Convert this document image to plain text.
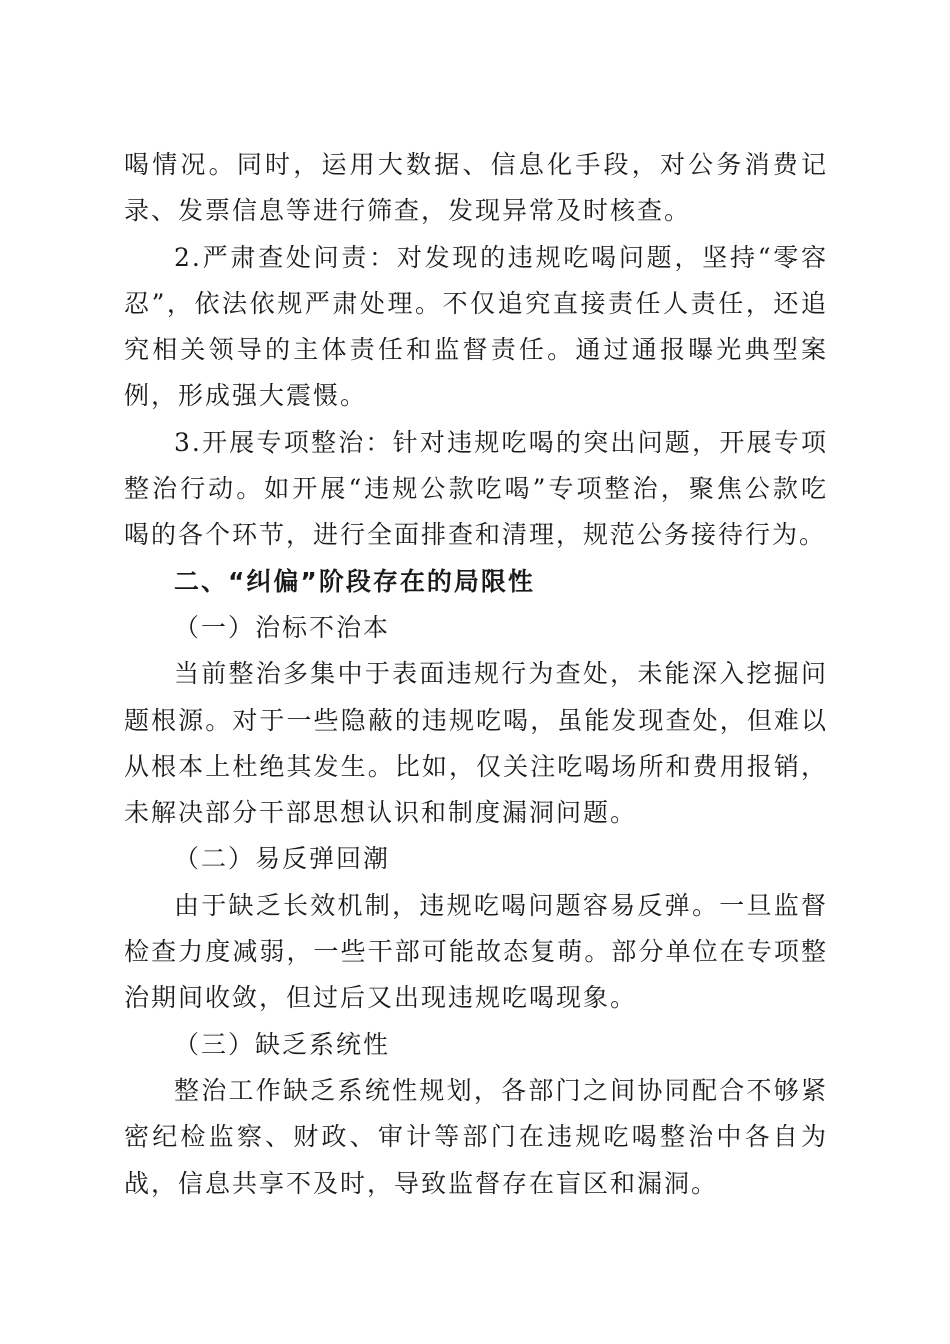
喝情况。同时，运用大数据、信息化手段，对公务消费记录、发票信息等进行筛查，发现异常及时核查。

2.严肃查处问责：对发现的违规吃喝问题，坚持“零容忍”，依法依规严肃处理。不仅追究直接责任人责任，还追究相关领导的主体责任和监督责任。通过通报曝光典型案例，形成强大震慑。

3.开展专项整治：针对违规吃喝的突出问题，开展专项整治行动。如开展“违规公款吃喝”专项整治，聚焦公款吃喝的各个环节，进行全面排查和清理，规范公务接待行为。

二、“纠偏”阶段存在的局限性

（一）治标不治本

当前整治多集中于表面违规行为查处，未能深入挖掘问题根源。对于一些隐蔽的违规吃喝，虽能发现查处，但难以从根本上杜绝其发生。比如，仅关注吃喝场所和费用报销，未解决部分干部思想认识和制度漏洞问题。

（二）易反弹回潮

由于缺乏长效机制，违规吃喝问题容易反弹。一旦监督检查力度减弱，一些干部可能故态复萌。部分单位在专项整治期间收敛，但过后又出现违规吃喝现象。

（三）缺乏系统性

整治工作缺乏系统性规划，各部门之间协同配合不够紧密纪检监察、财政、审计等部门在违规吃喝整治中各自为战，信息共享不及时，导致监督存在盲区和漏洞。
